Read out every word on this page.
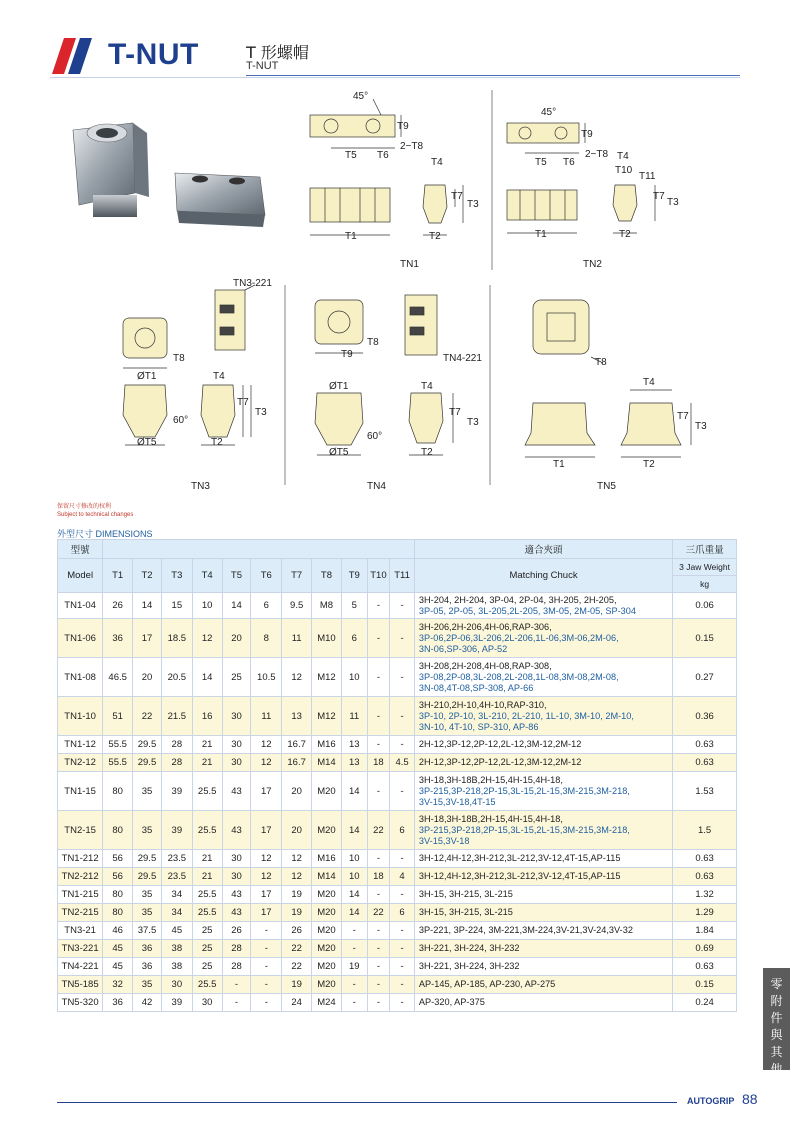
T-NUT	T 形螺帽
T-NUT
45°
T9
2−T8
T5 T6
T4
T7
T3
T1	T2
TN1
45°
T9
2−T8
T5 T6
T4
T10
T11
T7
T3
T1	T2
TN2
TN3-221
T8
ØT1	T4
60°
ØT5	T2
T7
T3
TN3
T8
T9	TN4-221
ØT1	T4
60°
ØT5	T2
T7
T3
TN4
T8
T4
T7
T3
T1	T2
TN5
保留尺寸修改的权利
Subject to technical changes
外型尺寸 DIMENSIONS
型號												適合夾頭	三爪重量
Model	T1	T2	T3	T4	T5	T6	T7	T8	T9	T10	T11	Matching Chuck	3 Jaw Weight
													kg
TN1-04	26	14	15	10	14	6	9.5	M8	5	-	-	3H-204, 2H-204, 3P-04, 2P-04, 3H-205, 2H-205,
3P-05, 2P-05, 3L-205,2L-205, 3M-05, 2M-05, SP-304	0.06
TN1-06	36	17	18.5	12	20	8	11	M10	6	-	-	3H-206,2H-206,4H-06,RAP-306,
3P-06,2P-06,3L-206,2L-206,1L-06,3M-06,2M-06,
3N-06,SP-306, AP-52	0.15
TN1-08	46.5	20	20.5	14	25	10.5	12	M12	10	-	-	3H-208,2H-208,4H-08,RAP-308,
3P-08,2P-08,3L-208,2L-208,1L-08,3M-08,2M-08,
3N-08,4T-08,SP-308, AP-66	0.27
TN1-10	51	22	21.5	16	30	11	13	M12	11	-	-	3H-210,2H-10,4H-10,RAP-310,
3P-10, 2P-10, 3L-210, 2L-210, 1L-10, 3M-10, 2M-10,
3N-10, 4T-10, SP-310, AP-86	0.36
TN1-12	55.5	29.5	28	21	30	12	16.7	M16	13	-	-	2H-12,3P-12,2P-12,2L-12,3M-12,2M-12	0.63
TN2-12	55.5	29.5	28	21	30	12	16.7	M14	13	18	4.5	2H-12,3P-12,2P-12,2L-12,3M-12,2M-12	0.63
TN1-15	80	35	39	25.5	43	17	20	M20	14	-	-	3H-18,3H-18B,2H-15,4H-15,4H-18,
3P-215,3P-218,2P-15,3L-15,2L-15,3M-215,3M-218,
3V-15,3V-18,4T-15	1.53
TN2-15	80	35	39	25.5	43	17	20	M20	14	22	6	3H-18,3H-18B,2H-15,4H-15,4H-18,
3P-215,3P-218,2P-15,3L-15,2L-15,3M-215,3M-218,
3V-15,3V-18	1.5
TN1-212	56	29.5	23.5	21	30	12	12	M16	10	-	-	3H-12,4H-12,3H-212,3L-212,3V-12,4T-15,AP-115	0.63
TN2-212	56	29.5	23.5	21	30	12	12	M14	10	18	4	3H-12,4H-12,3H-212,3L-212,3V-12,4T-15,AP-115	0.63
TN1-215	80	35	34	25.5	43	17	19	M20	14	-	-	3H-15, 3H-215, 3L-215	1.32
TN2-215	80	35	34	25.5	43	17	19	M20	14	22	6	3H-15, 3H-215, 3L-215	1.29
TN3-21	46	37.5	45	25	26	-	26	M20	-	-	-	3P-221, 3P-224, 3M-221,3M-224,3V-21,3V-24,3V-32	1.84
TN3-221	45	36	38	25	28	-	22	M20	-	-	-	3H-221, 3H-224, 3H-232	0.69
TN4-221	45	36	38	25	28	-	22	M20	19	-	-	3H-221, 3H-224, 3H-232	0.63
TN5-185	32	35	30	25.5	-	-	19	M20	-	-	-	AP-145, AP-185, AP-230, AP-275	0.15
TN5-320	36	42	39	30	-	-	24	M24	-	-	-	AP-320, AP-375	0.24
零附件與其他
AUTOGRIP 88
